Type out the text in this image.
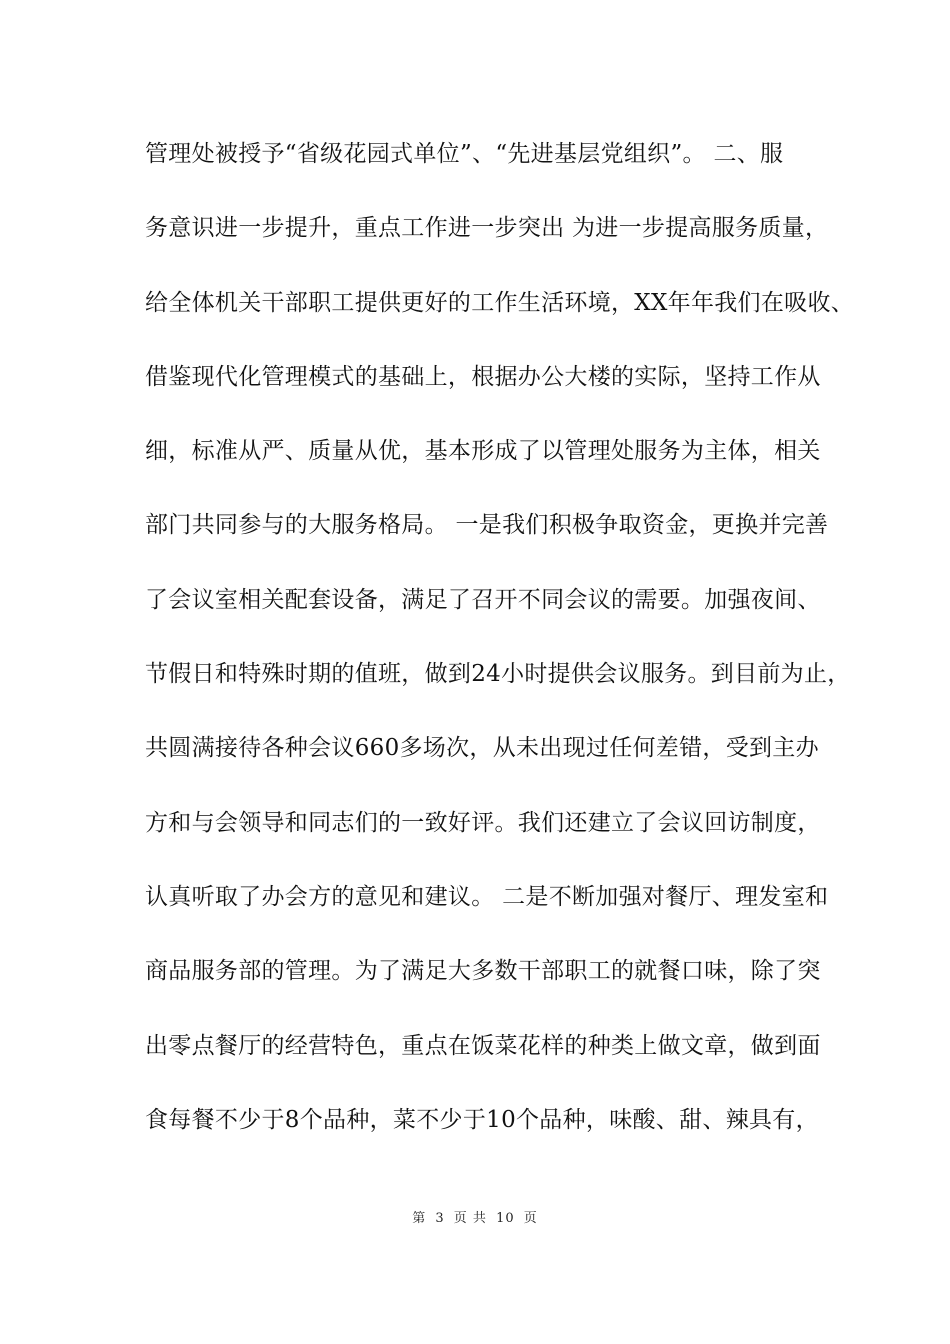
管理处被授予“省级花园式单位”、“先进基层党组织”。 二、服
务意识进一步提升，重点工作进一步突出 为进一步提高服务质量，
给全体机关干部职工提供更好的工作生活环境，XX年年我们在吸收、
借鉴现代化管理模式的基础上，根据办公大楼的实际，坚持工作从
细，标准从严、质量从优，基本形成了以管理处服务为主体，相关
部门共同参与的大服务格局。 一是我们积极争取资金，更换并完善
了会议室相关配套设备，满足了召开不同会议的需要。加强夜间、
节假日和特殊时期的值班，做到24小时提供会议服务。到目前为止，
共圆满接待各种会议660多场次，从未出现过任何差错，受到主办
方和与会领导和同志们的一致好评。我们还建立了会议回访制度，
认真听取了办会方的意见和建议。 二是不断加强对餐厅、理发室和
商品服务部的管理。为了满足大多数干部职工的就餐口味，除了突
出零点餐厅的经营特色，重点在饭菜花样的种类上做文章，做到面
食每餐不少于8个品种，菜不少于10个品种，味酸、甜、辣具有，
第 3 页 共 10 页
